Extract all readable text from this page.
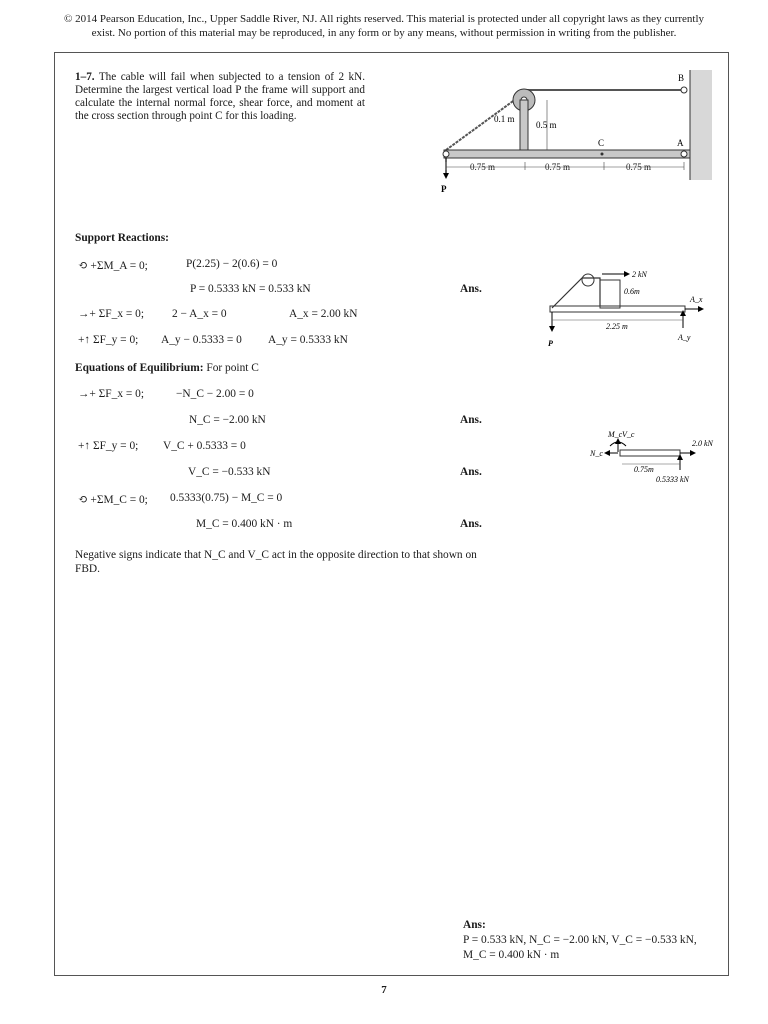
© 2014 Pearson Education, Inc., Upper Saddle River, NJ. All rights reserved. This material is protected under all copyright laws as they currently
exist. No portion of this material may be reproduced, in any form or by any means, without permission in writing from the publisher.
1–7. The cable will fail when subjected to a tension of 2 kN. Determine the largest vertical load P the frame will support and calculate the internal normal force, shear force, and moment at the cross section through point C for this loading.
B
C	A
P
0.1 m
0.5 m
0.75 m	0.75 m	0.75 m
Support Reactions:
⟲ +ΣM_A = 0;	P(2.25) − 2(0.6) = 0
P = 0.5333 kN = 0.533 kN	Ans.
→+ ΣF_x = 0; 2 − A_x = 0	A_x = 2.00 kN
+↑ ΣF_y = 0; A_y − 0.5333 = 0 A_y = 0.5333 kN
2 kN
0.6m
2.25 m
A_x
A_y
P
Equations of Equilibrium: For point C
→+ ΣF_x = 0;	−N_C − 2.00 = 0
N_C = −2.00 kN	Ans.
+↑ ΣF_y = 0; V_C + 0.5333 = 0
V_C = −0.533 kN	Ans.
⟲ +ΣM_C = 0; 0.5333(0.75) − M_C = 0
M_C = 0.400 kN · m	Ans.
M_c V_c
N_c
2.0 kN
0.75m
0.5333 kN
Negative signs indicate that N_C and V_C act in the opposite direction to that shown on FBD.
Ans:
P = 0.533 kN, N_C = −2.00 kN, V_C = −0.533 kN,
M_C = 0.400 kN · m
7
